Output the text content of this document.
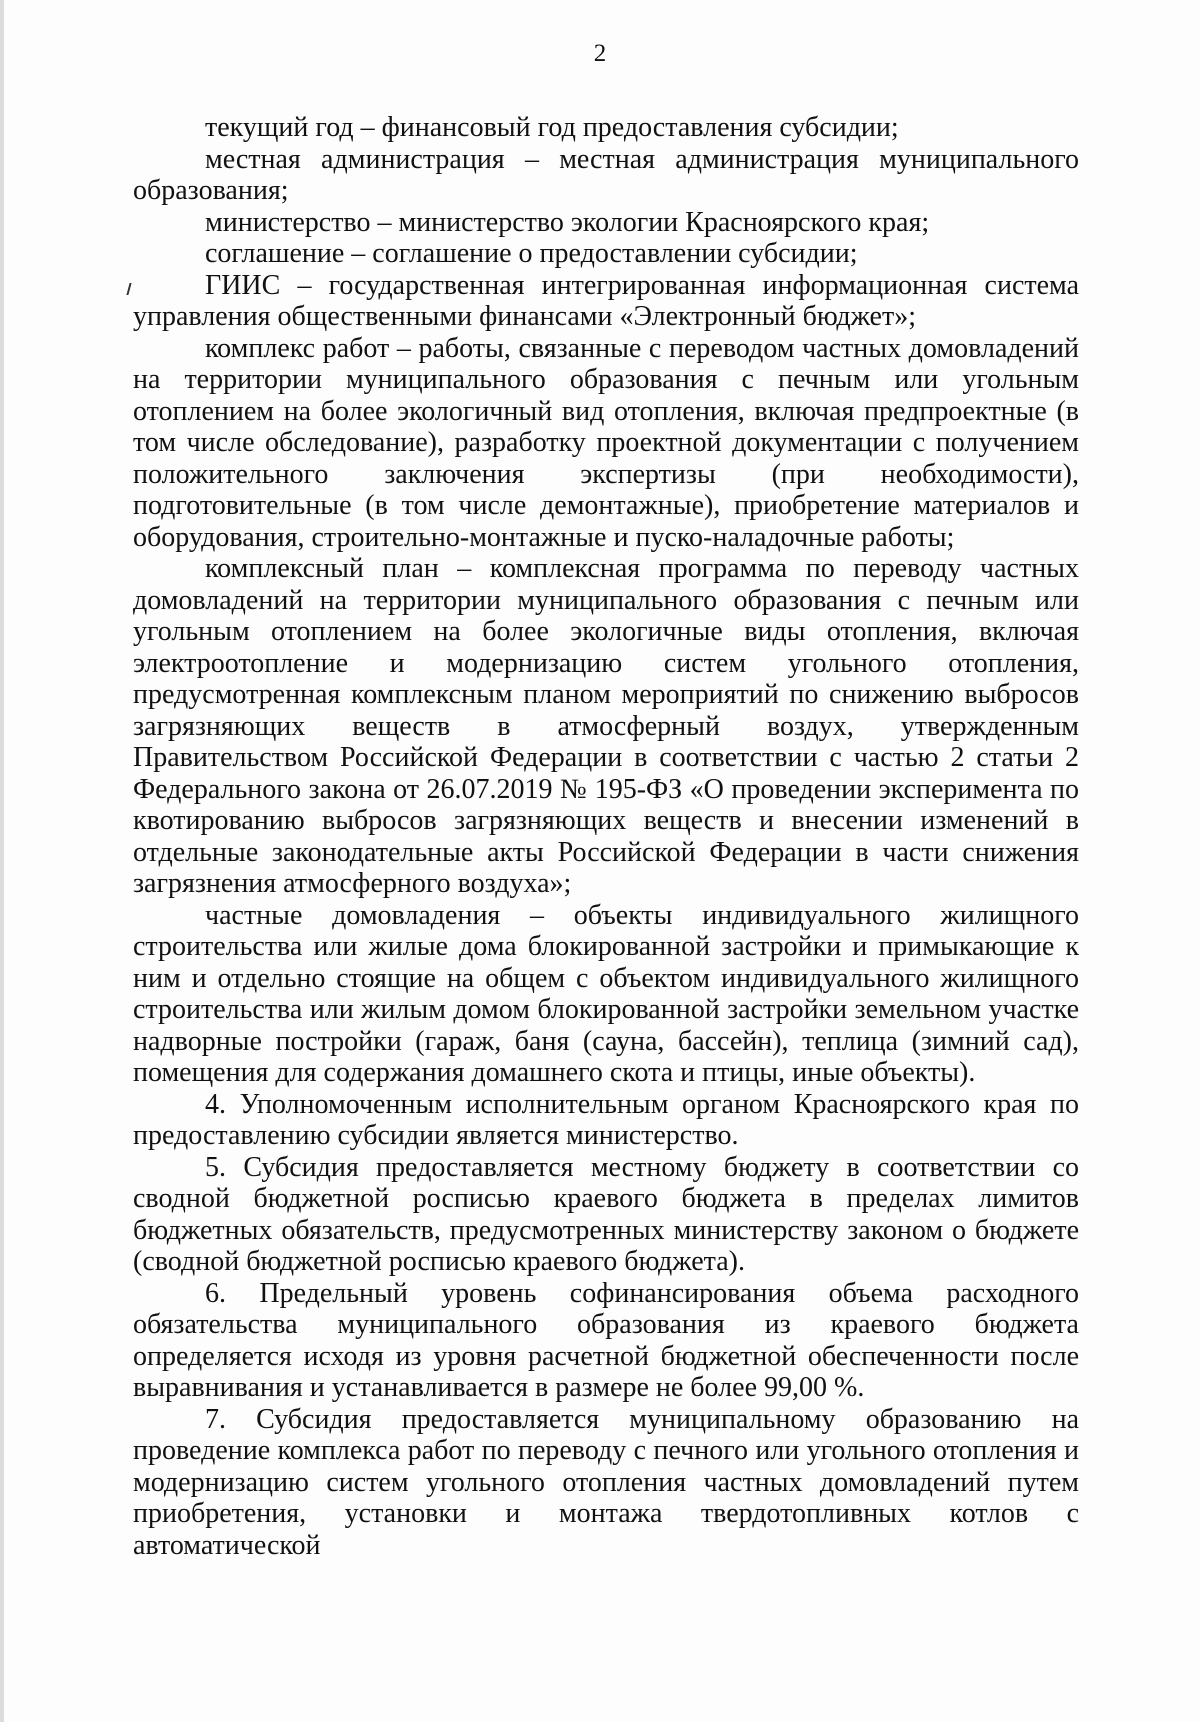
2

текущий год – финансовый год предоставления субсидии;

местная администрация – местная администрация муниципального образования;

министерство – министерство экологии Красноярского края;

соглашение – соглашение о предоставлении субсидии;

ГИИС – государственная интегрированная информационная система управления общественными финансами «Электронный бюджет»;

комплекс работ – работы, связанные с переводом частных домовладений на территории муниципального образования с печным или угольным отоплением на более экологичный вид отопления, включая предпроектные (в том числе обследование), разработку проектной документации с получением положительного заключения экспертизы (при необходимости), подготовительные (в том числе демонтажные), приобретение материалов и оборудования, строительно-монтажные и пуско-наладочные работы;

комплексный план – комплексная программа по переводу частных домовладений на территории муниципального образования с печным или угольным отоплением на более экологичные виды отопления, включая электроотопление и модернизацию систем угольного отопления, предусмотренная комплексным планом мероприятий по снижению выбросов загрязняющих веществ в атмосферный воздух, утвержденным Правительством Российской Федерации в соответствии с частью 2 статьи 2 Федерального закона от 26.07.2019 № 195-ФЗ «О проведении эксперимента по квотированию выбросов загрязняющих веществ и внесении изменений в отдельные законодательные акты Российской Федерации в части снижения загрязнения атмосферного воздуха»;

частные домовладения – объекты индивидуального жилищного строительства или жилые дома блокированной застройки и примыкающие к ним и отдельно стоящие на общем с объектом индивидуального жилищного строительства или жилым домом блокированной застройки земельном участке надворные постройки (гараж, баня (сауна, бассейн), теплица (зимний сад), помещения для содержания домашнего скота и птицы, иные объекты).

4. Уполномоченным исполнительным органом Красноярского края по предоставлению субсидии является министерство.

5. Субсидия предоставляется местному бюджету в соответствии со сводной бюджетной росписью краевого бюджета в пределах лимитов бюджетных обязательств, предусмотренных министерству законом о бюджете (сводной бюджетной росписью краевого бюджета).

6. Предельный уровень софинансирования объема расходного обязательства муниципального образования из краевого бюджета определяется исходя из уровня расчетной бюджетной обеспеченности после выравнивания и устанавливается в размере не более 99,00 %.

7. Субсидия предоставляется муниципальному образованию на проведение комплекса работ по переводу с печного или угольного отопления и модернизацию систем угольного отопления частных домовладений путем приобретения, установки и монтажа твердотопливных котлов с автоматической
